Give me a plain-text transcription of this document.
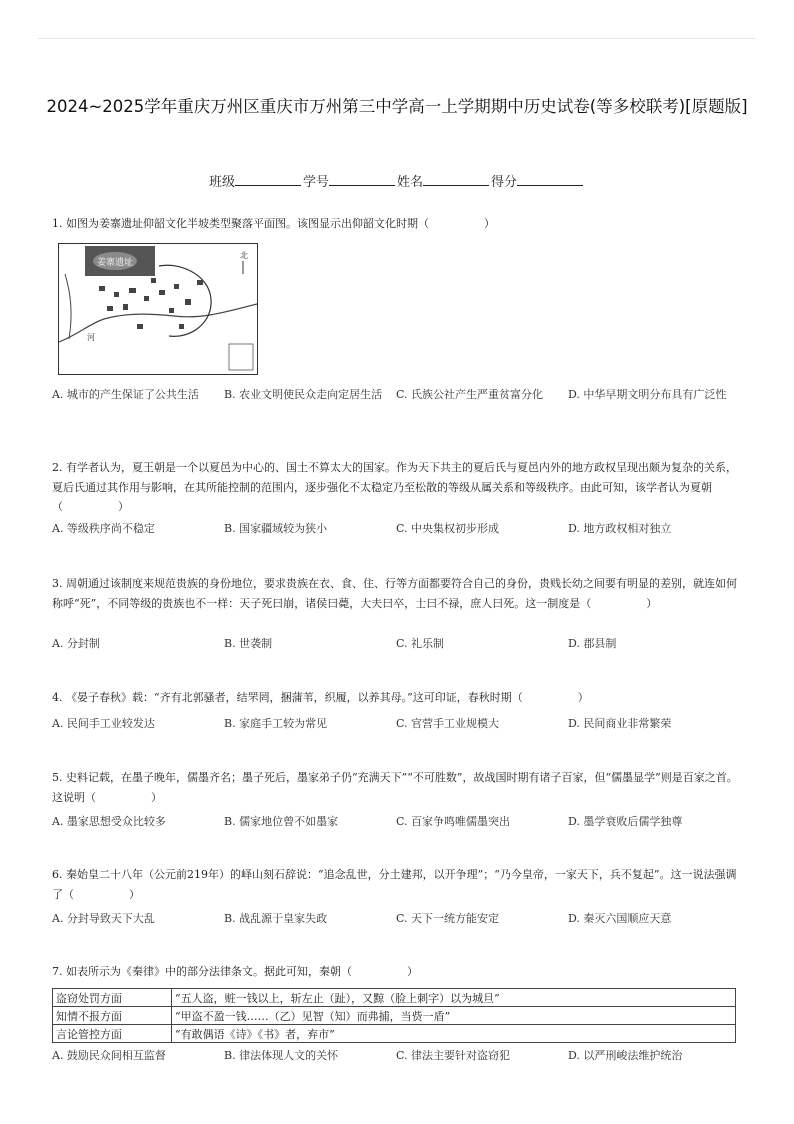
2024~2025学年重庆万州区重庆市万州第三中学高一上学期期中历史试卷(等多校联考)[原题版]
班级	学号	姓名	得分
1. 如图为姜寨遗址仰韶文化半坡类型聚落平面图。该图显示出仰韶文化时期（　　　　　）
姜寨遗址
河
北
A. 城市的产生保证了公共生活	B. 农业文明使民众走向定居生活	C. 氏族公社产生严重贫富分化	D. 中华早期文明分布具有广泛性
2. 有学者认为，夏王朝是一个以夏邑为中心的、国土不算太大的国家。作为天下共主的夏后氏与夏邑内外的地方政权呈现出颇为复杂的关系，夏后氏通过其作用与影响，在其所能控制的范围内，逐步强化不太稳定乃至松散的等级从属关系和等级秩序。由此可知，该学者认为夏朝（　　　　　）
A. 等级秩序尚不稳定	B. 国家疆域较为狭小	C. 中央集权初步形成	D. 地方政权相对独立
3. 周朝通过该制度来规范贵族的身份地位，要求贵族在衣、食、住、行等方面都要符合自己的身份，贵贱长幼之间要有明显的差别，就连如何称呼“死”，不同等级的贵族也不一样：天子死曰崩，诸侯曰薨，大夫曰卒，士曰不禄，庶人曰死。这一制度是（　　　　　）
A. 分封制	B. 世袭制	C. 礼乐制	D. 郡县制
4. 《晏子春秋》载：“齐有北郭骚者，结罘罔，捆蒲苇，织履，以养其母。”这可印证，春秋时期（　　　　　）
A. 民间手工业较发达	B. 家庭手工较为常见	C. 官营手工业规模大	D. 民间商业非常繁荣
5. 史料记载，在墨子晚年，儒墨齐名；墨子死后，墨家弟子仍“充满天下”“不可胜数”，故战国时期有诸子百家，但“儒墨显学”则是百家之首。这说明（　　　　　）
A. 墨家思想受众比较多	B. 儒家地位曾不如墨家	C. 百家争鸣唯儒墨突出	D. 墨学衰败后儒学独尊
6. 秦始皇二十八年（公元前219年）的峄山刻石辞说：“追念乱世，分土建邦，以开争理”；“乃今皇帝，一家天下，兵不复起”。这一说法强调了（　　　　　）
A. 分封导致天下大乱	B. 战乱源于皇家失政	C. 天下一统方能安定	D. 秦灭六国顺应天意
7. 如表所示为《秦律》中的部分法律条文。据此可知，秦朝（　　　　　）
盗窃处罚方面	“五人盗，赃一钱以上，斩左止（趾），又黥（脸上刺字）以为城旦”
知情不报方面	“甲盗不盈一钱……（乙）见智（知）而弗捕，当赀一盾”
言论管控方面	“有敢偶语《诗》《书》者，弃市”
A. 鼓励民众间相互监督	B. 律法体现人文的关怀	C. 律法主要针对盗窃犯	D. 以严刑峻法维护统治
